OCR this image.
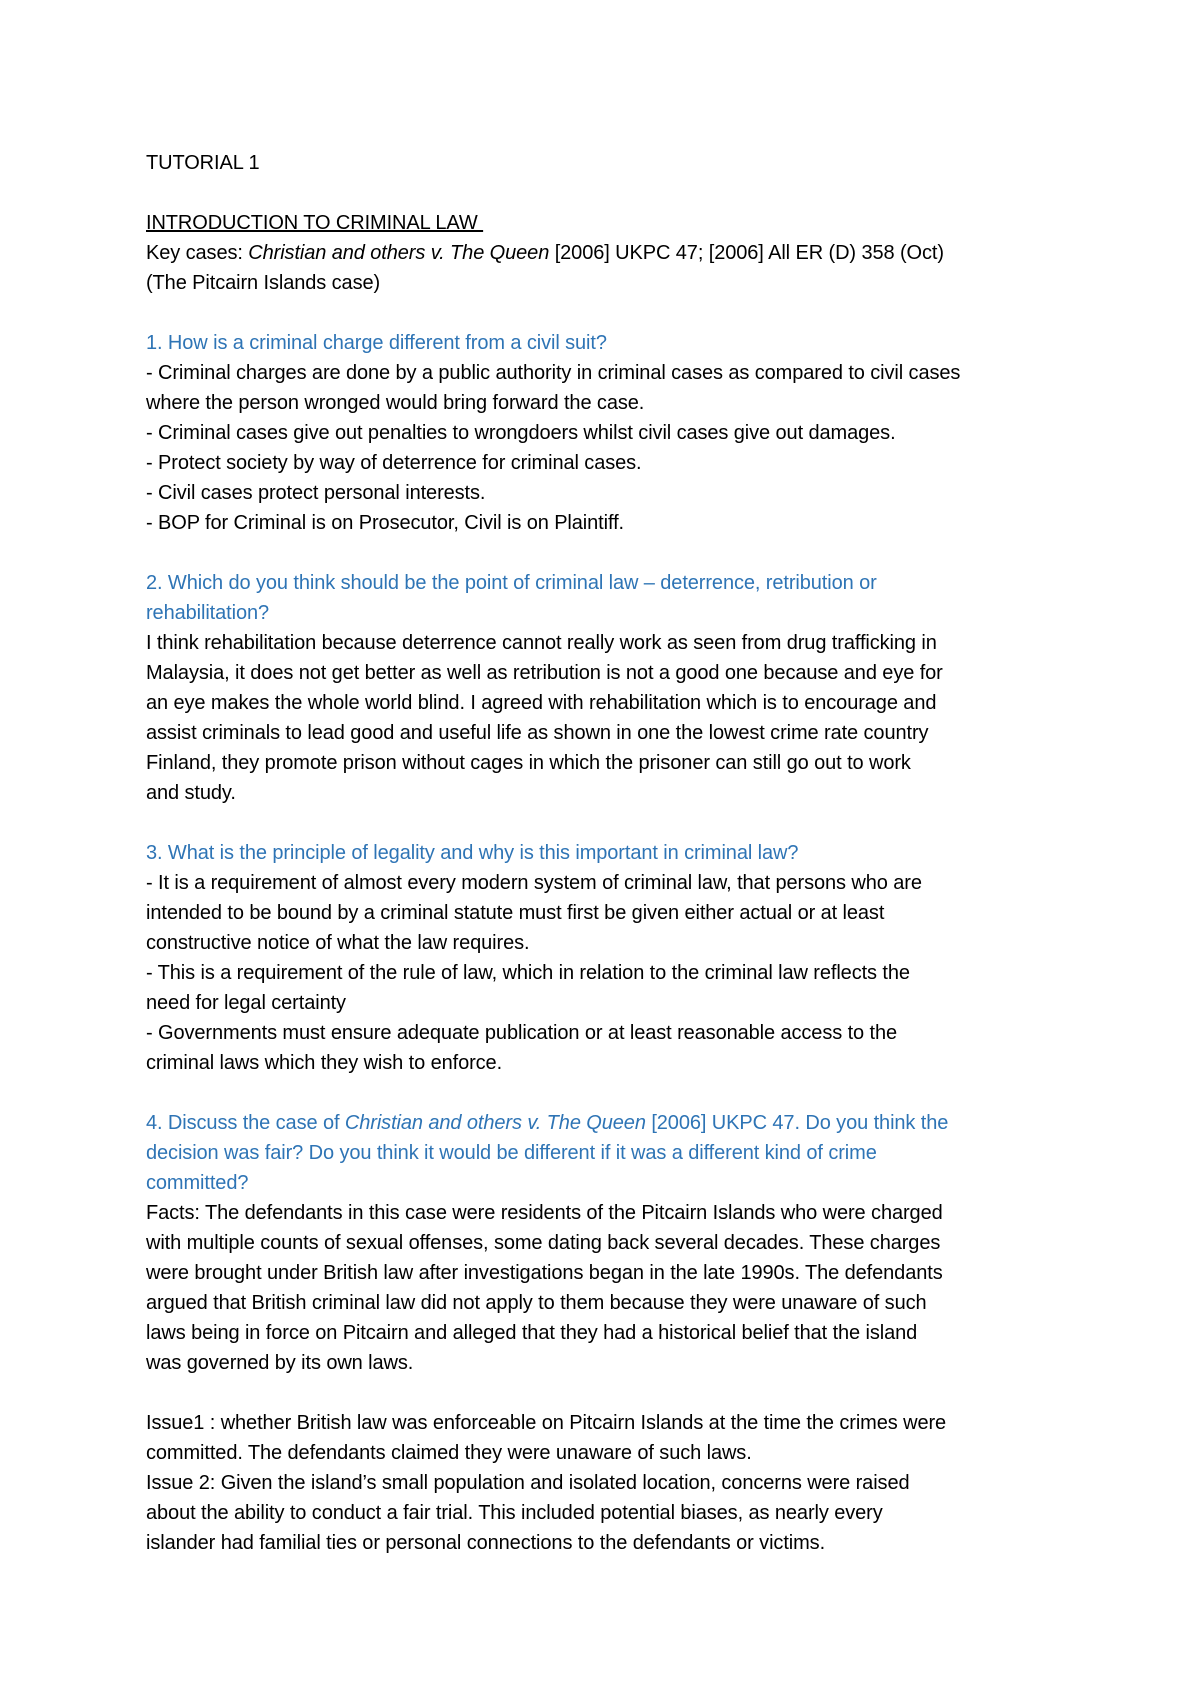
TUTORIAL 1
INTRODUCTION TO CRIMINAL LAW
Key cases: Christian and others v. The Queen [2006] UKPC 47; [2006] All ER (D) 358 (Oct)
(The Pitcairn Islands case)
1. How is a criminal charge different from a civil suit?
- Criminal charges are done by a public authority in criminal cases as compared to civil cases
where the person wronged would bring forward the case.
- Criminal cases give out penalties to wrongdoers whilst civil cases give out damages.
- Protect society by way of deterrence for criminal cases.
- Civil cases protect personal interests.
- BOP for Criminal is on Prosecutor, Civil is on Plaintiff.
2. Which do you think should be the point of criminal law – deterrence, retribution or
rehabilitation?
I think rehabilitation because deterrence cannot really work as seen from drug trafficking in
Malaysia, it does not get better as well as retribution is not a good one because and eye for
an eye makes the whole world blind. I agreed with rehabilitation which is to encourage and
assist criminals to lead good and useful life as shown in one the lowest crime rate country
Finland, they promote prison without cages in which the prisoner can still go out to work
and study.
3. What is the principle of legality and why is this important in criminal law?
- It is a requirement of almost every modern system of criminal law, that persons who are
intended to be bound by a criminal statute must first be given either actual or at least
constructive notice of what the law requires.
- This is a requirement of the rule of law, which in relation to the criminal law reflects the
need for legal certainty
- Governments must ensure adequate publication or at least reasonable access to the
criminal laws which they wish to enforce.
4. Discuss the case of Christian and others v. The Queen [2006] UKPC 47. Do you think the
decision was fair? Do you think it would be different if it was a different kind of crime
committed?
Facts: The defendants in this case were residents of the Pitcairn Islands who were charged
with multiple counts of sexual offenses, some dating back several decades. These charges
were brought under British law after investigations began in the late 1990s. The defendants
argued that British criminal law did not apply to them because they were unaware of such
laws being in force on Pitcairn and alleged that they had a historical belief that the island
was governed by its own laws.
Issue1 : whether British law was enforceable on Pitcairn Islands at the time the crimes were
committed. The defendants claimed they were unaware of such laws.
Issue 2: Given the island’s small population and isolated location, concerns were raised
about the ability to conduct a fair trial. This included potential biases, as nearly every
islander had familial ties or personal connections to the defendants or victims.
